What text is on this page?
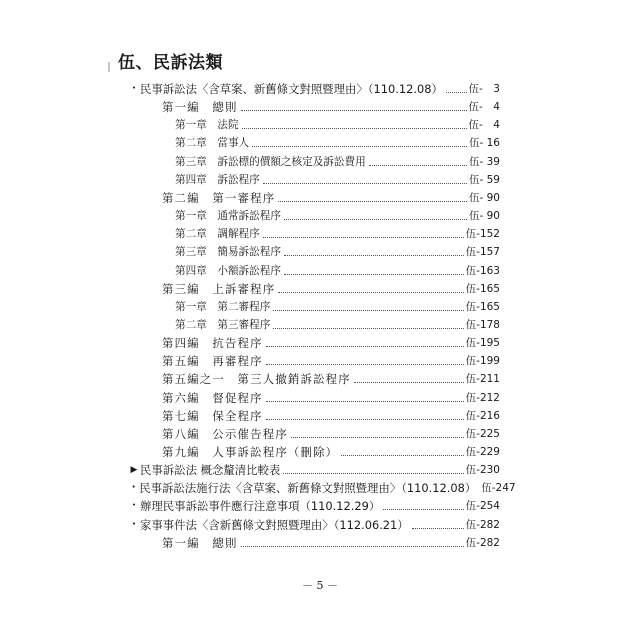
伍、民訴法類
・ 民事訴訟法〈含草案、新舊條文對照暨理由〉（110.12.08） 伍-　3
第一編　總則	伍-　4
第一章　法院	伍-　4
第二章　當事人	伍- 16
第三章　訴訟標的價額之核定及訴訟費用	伍- 39
第四章　訴訟程序	伍- 59
第二編　第一審程序	伍- 90
第一章　通常訴訟程序	伍- 90
第二章　調解程序	伍-152
第三章　簡易訴訟程序	伍-157
第四章　小額訴訟程序	伍-163
第三編　上訴審程序	伍-165
第一章　第二審程序	伍-165
第二章　第三審程序	伍-178
第四編　抗告程序	伍-195
第五編　再審程序	伍-199
第五編之一　第三人撤銷訴訟程序	伍-211
第六編　督促程序	伍-212
第七編　保全程序	伍-216
第八編　公示催告程序	伍-225
第九編　人事訴訟程序（刪除）	伍-229
▶ 民事訴訟法 概念釐清比較表	伍-230
・ 民事訴訟法施行法〈含草案、新舊條文對照暨理由〉（110.12.08） 伍-247
・ 辦理民事訴訟事件應行注意事項（110.12.29）	伍-254
・ 家事事件法〈含新舊條文對照暨理由〉（112.06.21）	伍-282
第一編　總則	伍-282
－ 5 －
